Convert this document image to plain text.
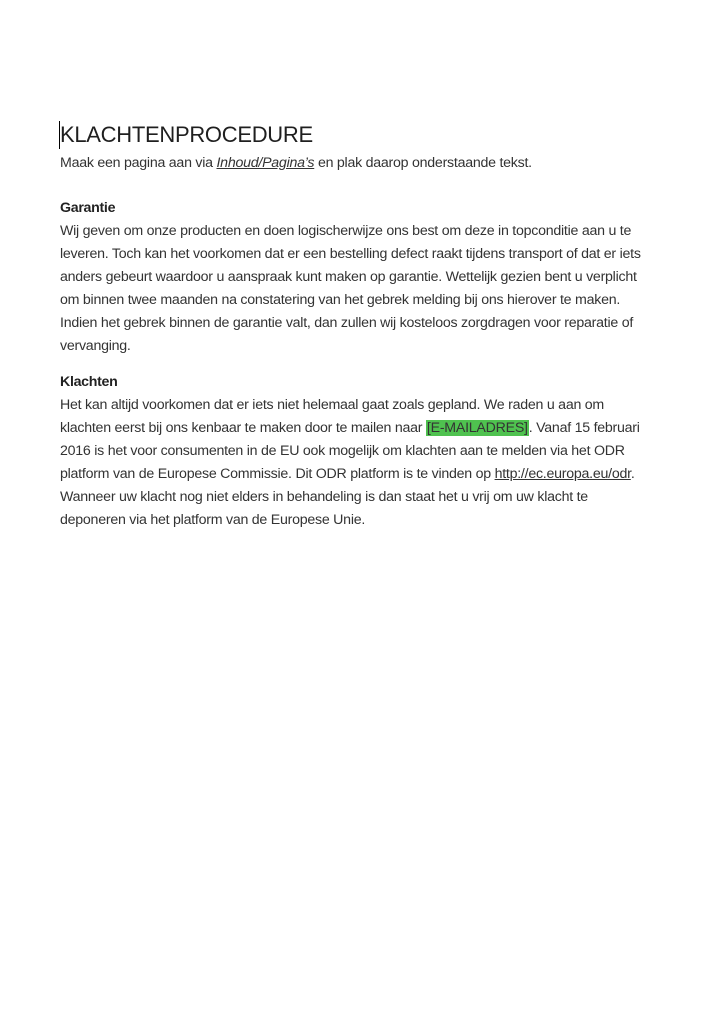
KLACHTENPROCEDURE

Maak een pagina aan via Inhoud/Pagina’s en plak daarop onderstaande tekst.

Garantie

Wij geven om onze producten en doen logischerwijze ons best om deze in topconditie aan u te leveren. Toch kan het voorkomen dat er een bestelling defect raakt tijdens transport of dat er iets anders gebeurt waardoor u aanspraak kunt maken op garantie. Wettelijk gezien bent u verplicht om binnen twee maanden na constatering van het gebrek melding bij ons hierover te maken. Indien het gebrek binnen de garantie valt, dan zullen wij kosteloos zorgdragen voor reparatie of vervanging.

Klachten

Het kan altijd voorkomen dat er iets niet helemaal gaat zoals gepland. We raden u aan om klachten eerst bij ons kenbaar te maken door te mailen naar [E-MAILADRES]. Vanaf 15 februari 2016 is het voor consumenten in de EU ook mogelijk om klachten aan te melden via het ODR platform van de Europese Commissie. Dit ODR platform is te vinden op http://ec.europa.eu/odr. Wanneer uw klacht nog niet elders in behandeling is dan staat het u vrij om uw klacht te deponeren via het platform van de Europese Unie.
